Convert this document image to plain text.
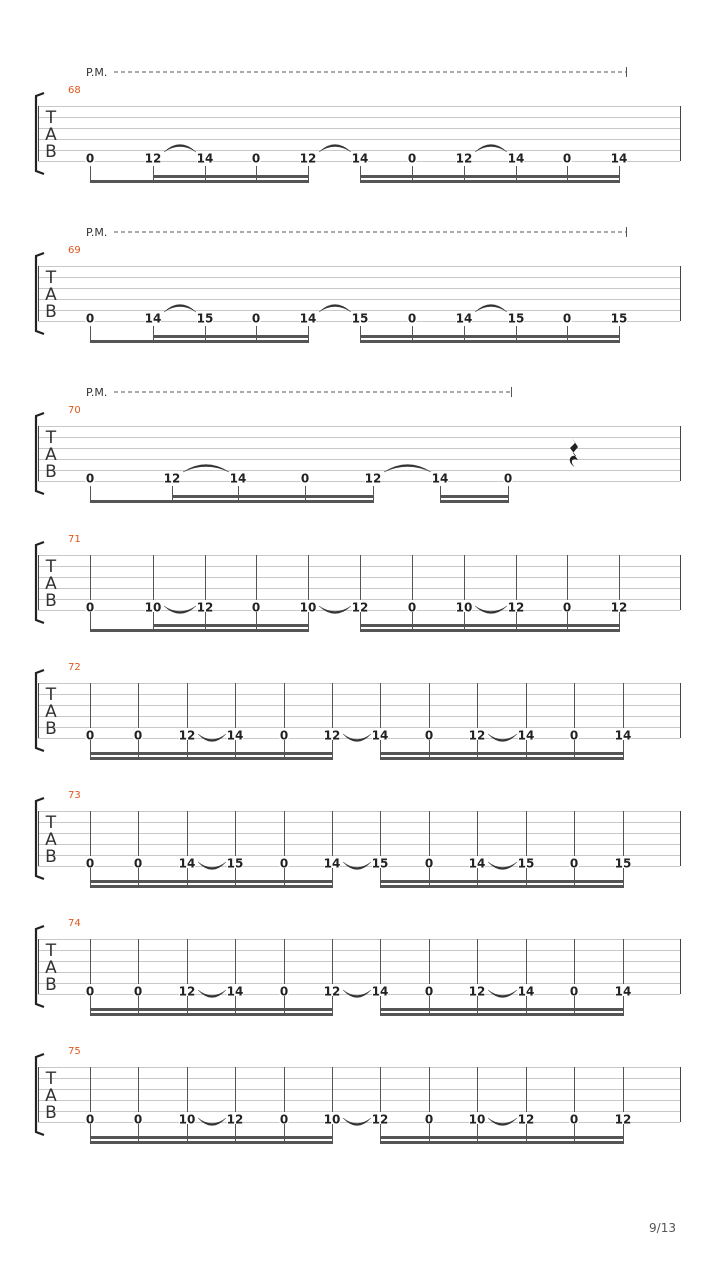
T
A
B
68
P.M.
0	12	14	0	12	14	0	12	14	0	14
T
A
B
69
P.M.
0	14	15	0	14	15	0	14	15	0	15
T
A
B
70
P.M.
0	12	14	0	12	14	0
T
A
B
71
0	10	12	0	10	12	0	10	12	0	12
T
A
B
72
0	0	12	14	0	12	14	0	12	14	0	14
T
A
B
73
0	0	14	15	0	14	15	0	14	15	0	15
T
A
B
74
0	0	12	14	0	12	14	0	12	14	0	14
T
A
B
75
0	0	10	12	0	10	12	0	10	12	0	12
9/13
